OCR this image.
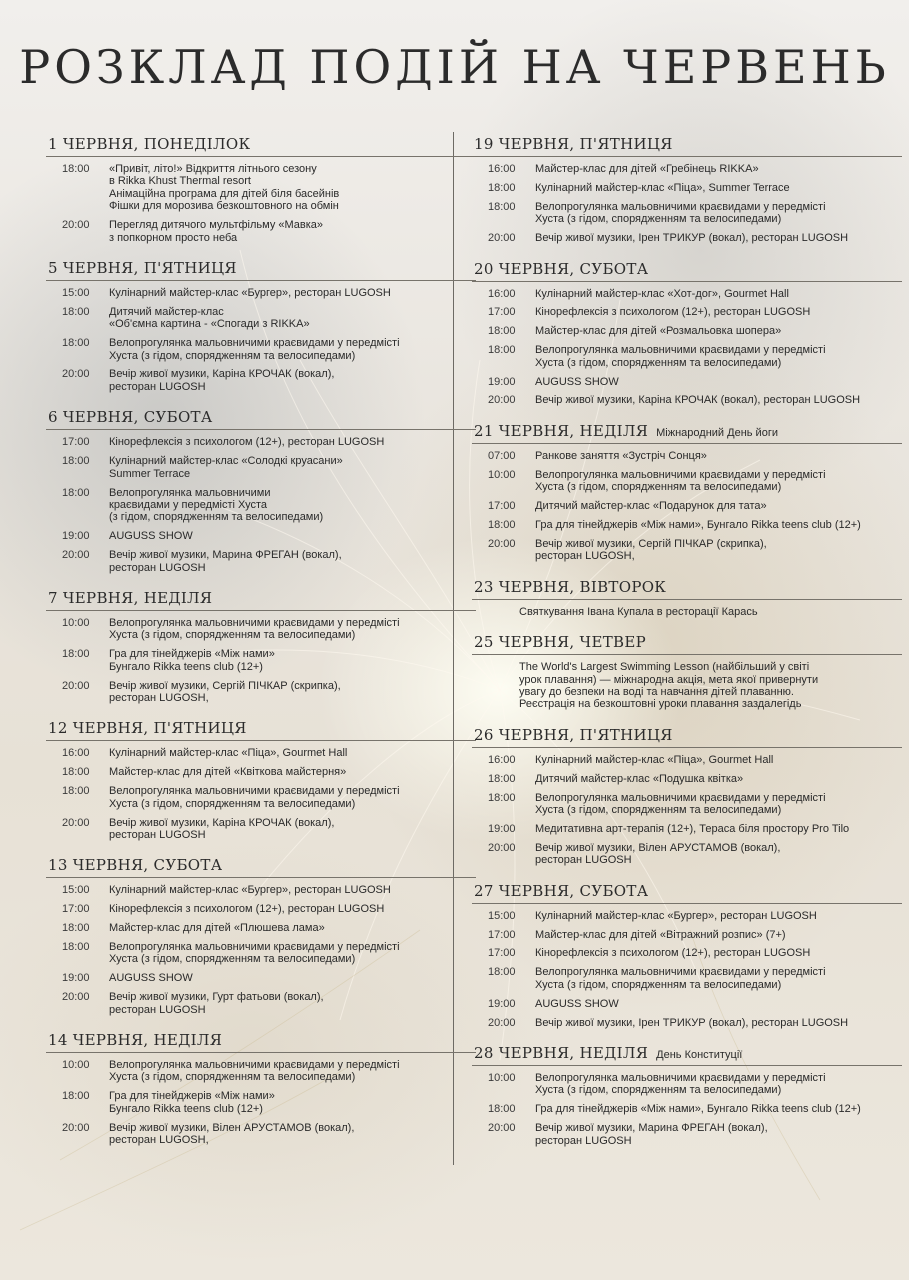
РОЗКЛАД ПОДІЙ НА ЧЕРВЕНЬ
1 ЧЕРВНЯ, ПОНЕДІЛОК
18:00	«Привіт, літо!» Відкриття літнього сезону
в Rikka Khust Thermal resort
Анімаційна програма для дітей біля басейнів
Фішки для морозива безкоштовного на обмін
20:00	Перегляд дитячого мультфільму «Мавка»
з попкорном просто неба
5 ЧЕРВНЯ, П'ЯТНИЦЯ
15:00	Кулінарний майстер-клас «Бургер», ресторан LUGOSH
18:00	Дитячий майстер-клас
«Об'ємна картина - «Спогади з RIKKA»
18:00	Велопрогулянка мальовничими краєвидами у передмісті
Хуста (з гідом, спорядженням та велосипедами)
20:00	Вечір живої музики, Каріна КРОЧАК (вокал),
ресторан LUGOSH
6 ЧЕРВНЯ, СУБОТА
17:00	Кінорефлексія з психологом (12+), ресторан LUGOSH
18:00	Кулінарний майстер-клас «Солодкі круасани»
Summer Terrace
18:00	Велопрогулянка мальовничими
краєвидами у передмісті Хуста
(з гідом, спорядженням та велосипедами)
19:00	AUGUSS SHOW
20:00	Вечір живої музики, Марина ФРЕГАН (вокал),
ресторан LUGOSH
7 ЧЕРВНЯ, НЕДІЛЯ
10:00	Велопрогулянка мальовничими краєвидами у передмісті
Хуста (з гідом, спорядженням та велосипедами)
18:00	Гра для тінейджерів «Між нами»
Бунгало Rikka teens club (12+)
20:00	Вечір живої музики, Сергій ПІЧКАР (скрипка),
ресторан LUGOSH,
12 ЧЕРВНЯ, П'ЯТНИЦЯ
16:00	Кулінарний майстер-клас «Піца», Gourmet Hall
18:00	Майстер-клас для дітей «Квіткова майстерня»
18:00	Велопрогулянка мальовничими краєвидами у передмісті
Хуста (з гідом, спорядженням та велосипедами)
20:00	Вечір живої музики, Каріна КРОЧАК (вокал),
ресторан LUGOSH
13 ЧЕРВНЯ, СУБОТА
15:00	Кулінарний майстер-клас «Бургер», ресторан LUGOSH
17:00	Кінорефлексія з психологом (12+), ресторан LUGOSH
18:00	Майстер-клас для дітей «Плюшева лама»
18:00	Велопрогулянка мальовничими краєвидами у передмісті
Хуста (з гідом, спорядженням та велосипедами)
19:00	AUGUSS SHOW
20:00	Вечір живої музики, Гурт фатьови (вокал),
ресторан LUGOSH
14 ЧЕРВНЯ, НЕДІЛЯ
10:00	Велопрогулянка мальовничими краєвидами у передмісті
Хуста (з гідом, спорядженням та велосипедами)
18:00	Гра для тінейджерів «Між нами»
Бунгало Rikka teens club (12+)
20:00	Вечір живої музики, Вілен АРУСТАМОВ (вокал),
ресторан LUGOSH,
19 ЧЕРВНЯ, П'ЯТНИЦЯ
16:00	Майстер-клас для дітей «Гребінець RIKKA»
18:00	Кулінарний майстер-клас «Піца», Summer Terrace
18:00	Велопрогулянка мальовничими краєвидами у передмісті
Хуста (з гідом, спорядженням та велосипедами)
20:00	Вечір живої музики, Ірен ТРИКУР (вокал), ресторан LUGOSH
20 ЧЕРВНЯ, СУБОТА
16:00	Кулінарний майстер-клас «Хот-дог», Gourmet Hall
17:00	Кінорефлексія з психологом (12+), ресторан LUGOSH
18:00	Майстер-клас для дітей «Розмальовка шопера»
18:00	Велопрогулянка мальовничими краєвидами у передмісті
Хуста (з гідом, спорядженням та велосипедами)
19:00	AUGUSS SHOW
20:00	Вечір живої музики, Каріна КРОЧАК (вокал), ресторан LUGOSH
21 ЧЕРВНЯ, НЕДІЛЯ Міжнародний День йоги
07:00	Ранкове заняття «Зустріч Сонця»
10:00	Велопрогулянка мальовничими краєвидами у передмісті
Хуста (з гідом, спорядженням та велосипедами)
17:00	Дитячий майстер-клас «Подарунок для тата»
18:00	Гра для тінейджерів «Між нами», Бунгало Rikka teens club (12+)
20:00	Вечір живої музики, Сергій ПІЧКАР (скрипка),
ресторан LUGOSH,
23 ЧЕРВНЯ, ВІВТОРОК
Святкування Івана Купала в ресторації Карась
25 ЧЕРВНЯ, ЧЕТВЕР
The World's Largest Swimming Lesson (найбільший у світі
урок плавання) — міжнародна акція, мета якої привернути
увагу до безпеки на воді та навчання дітей плаванню.
Реєстрація на безкоштовні уроки плавання заздалегідь
26 ЧЕРВНЯ, П'ЯТНИЦЯ
16:00	Кулінарний майстер-клас «Піца», Gourmet Hall
18:00	Дитячий майстер-клас «Подушка квітка»
18:00	Велопрогулянка мальовничими краєвидами у передмісті
Хуста (з гідом, спорядженням та велосипедами)
19:00	Медитативна арт-терапія (12+), Тераса біля простору Pro Tilo
20:00	Вечір живої музики, Вілен АРУСТАМОВ (вокал),
ресторан LUGOSH
27 ЧЕРВНЯ, СУБОТА
15:00	Кулінарний майстер-клас «Бургер», ресторан LUGOSH
17:00	Майстер-клас для дітей «Вітражний розпис» (7+)
17:00	Кінорефлексія з психологом (12+), ресторан LUGOSH
18:00	Велопрогулянка мальовничими краєвидами у передмісті
Хуста (з гідом, спорядженням та велосипедами)
19:00	AUGUSS SHOW
20:00	Вечір живої музики, Ірен ТРИКУР (вокал), ресторан LUGOSH
28 ЧЕРВНЯ, НЕДІЛЯ День Конституції
10:00	Велопрогулянка мальовничими краєвидами у передмісті
Хуста (з гідом, спорядженням та велосипедами)
18:00	Гра для тінейджерів «Між нами», Бунгало Rikka teens club (12+)
20:00	Вечір живої музики, Марина ФРЕГАН (вокал),
ресторан LUGOSH
